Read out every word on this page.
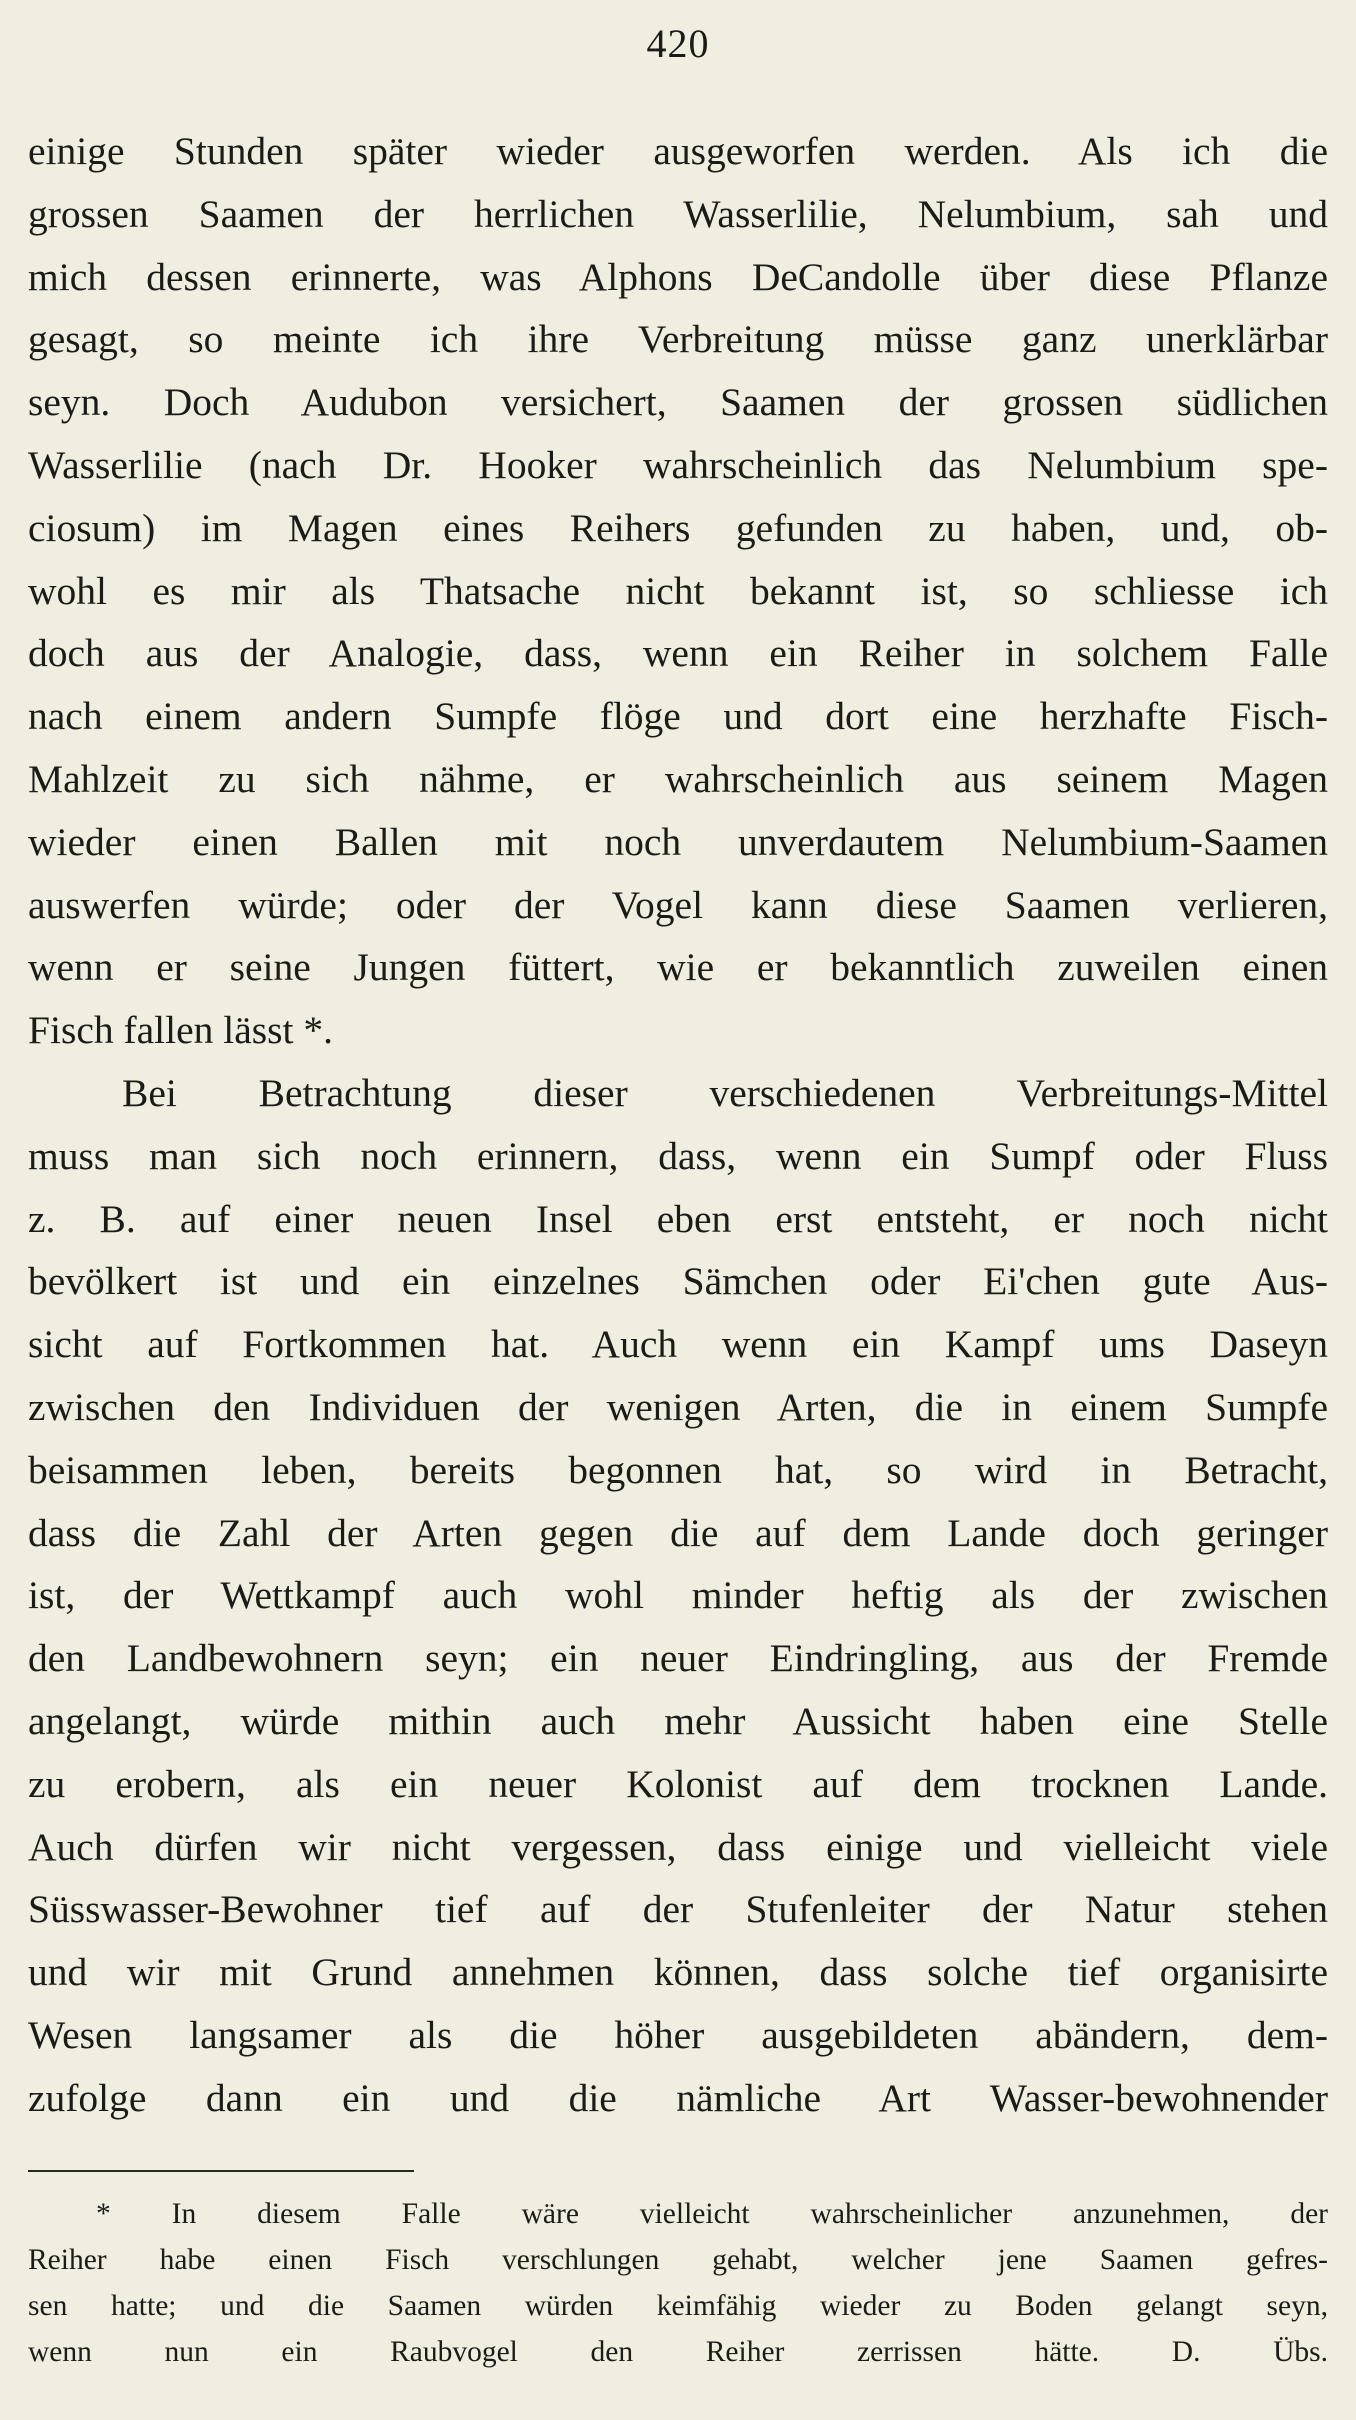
420
einige Stunden später wieder ausgeworfen werden. Als ich die
grossen Saamen der herrlichen Wasserlilie, Nelumbium, sah und
mich dessen erinnerte, was Alphons DeCandolle über diese Pflanze
gesagt, so meinte ich ihre Verbreitung müsse ganz unerklärbar
seyn. Doch Audubon versichert, Saamen der grossen südlichen
Wasserlilie (nach Dr. Hooker wahrscheinlich das Nelumbium spe-
ciosum) im Magen eines Reihers gefunden zu haben, und, ob-
wohl es mir als Thatsache nicht bekannt ist, so schliesse ich
doch aus der Analogie, dass, wenn ein Reiher in solchem Falle
nach einem andern Sumpfe flöge und dort eine herzhafte Fisch-
Mahlzeit zu sich nähme, er wahrscheinlich aus seinem Magen
wieder einen Ballen mit noch unverdautem Nelumbium-Saamen
auswerfen würde; oder der Vogel kann diese Saamen verlieren,
wenn er seine Jungen füttert, wie er bekanntlich zuweilen einen
Fisch fallen lässt *.
Bei Betrachtung dieser verschiedenen Verbreitungs-Mittel
muss man sich noch erinnern, dass, wenn ein Sumpf oder Fluss
z. B. auf einer neuen Insel eben erst entsteht, er noch nicht
bevölkert ist und ein einzelnes Sämchen oder Ei'chen gute Aus-
sicht auf Fortkommen hat. Auch wenn ein Kampf ums Daseyn
zwischen den Individuen der wenigen Arten, die in einem Sumpfe
beisammen leben, bereits begonnen hat, so wird in Betracht,
dass die Zahl der Arten gegen die auf dem Lande doch geringer
ist, der Wettkampf auch wohl minder heftig als der zwischen
den Landbewohnern seyn; ein neuer Eindringling, aus der Fremde
angelangt, würde mithin auch mehr Aussicht haben eine Stelle
zu erobern, als ein neuer Kolonist auf dem trocknen Lande.
Auch dürfen wir nicht vergessen, dass einige und vielleicht viele
Süsswasser-Bewohner tief auf der Stufenleiter der Natur stehen
und wir mit Grund annehmen können, dass solche tief organisirte
Wesen langsamer als die höher ausgebildeten abändern, dem-
zufolge dann ein und die nämliche Art Wasser-bewohnender
* In diesem Falle wäre vielleicht wahrscheinlicher anzunehmen, der
Reiher habe einen Fisch verschlungen gehabt, welcher jene Saamen gefres-
sen hatte; und die Saamen würden keimfähig wieder zu Boden gelangt seyn,
wenn nun ein Raubvogel den Reiher zerrissen hätte. D. Übs.
